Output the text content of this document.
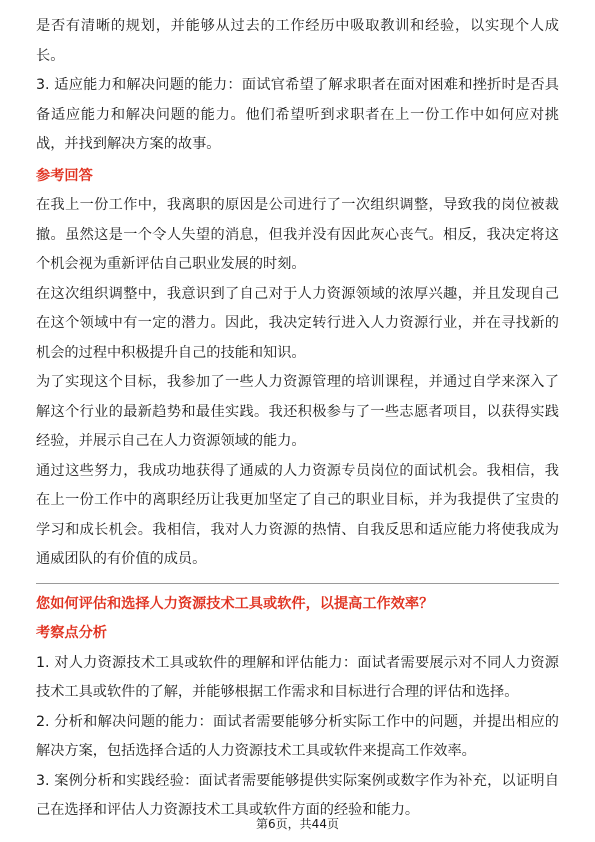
是否有清晰的规划，并能够从过去的工作经历中吸取教训和经验，以实现个人成长。

3. 适应能力和解决问题的能力：面试官希望了解求职者在面对困难和挫折时是否具备适应能力和解决问题的能力。他们希望听到求职者在上一份工作中如何应对挑战，并找到解决方案的故事。

参考回答

在我上一份工作中，我离职的原因是公司进行了一次组织调整，导致我的岗位被裁撤。虽然这是一个令人失望的消息，但我并没有因此灰心丧气。相反，我决定将这个机会视为重新评估自己职业发展的时刻。

在这次组织调整中，我意识到了自己对于人力资源领域的浓厚兴趣，并且发现自己在这个领域中有一定的潜力。因此，我决定转行进入人力资源行业，并在寻找新的机会的过程中积极提升自己的技能和知识。

为了实现这个目标，我参加了一些人力资源管理的培训课程，并通过自学来深入了解这个行业的最新趋势和最佳实践。我还积极参与了一些志愿者项目，以获得实践经验，并展示自己在人力资源领域的能力。

通过这些努力，我成功地获得了通威的人力资源专员岗位的面试机会。我相信，我在上一份工作中的离职经历让我更加坚定了自己的职业目标，并为我提供了宝贵的学习和成长机会。我相信，我对人力资源的热情、自我反思和适应能力将使我成为通威团队的有价值的成员。

您如何评估和选择人力资源技术工具或软件，以提高工作效率？

考察点分析

1. 对人力资源技术工具或软件的理解和评估能力：面试者需要展示对不同人力资源技术工具或软件的了解，并能够根据工作需求和目标进行合理的评估和选择。

2. 分析和解决问题的能力：面试者需要能够分析实际工作中的问题，并提出相应的解决方案，包括选择合适的人力资源技术工具或软件来提高工作效率。

3. 案例分析和实践经验：面试者需要能够提供实际案例或数字作为补充，以证明自己在选择和评估人力资源技术工具或软件方面的经验和能力。

第6页，共44页
